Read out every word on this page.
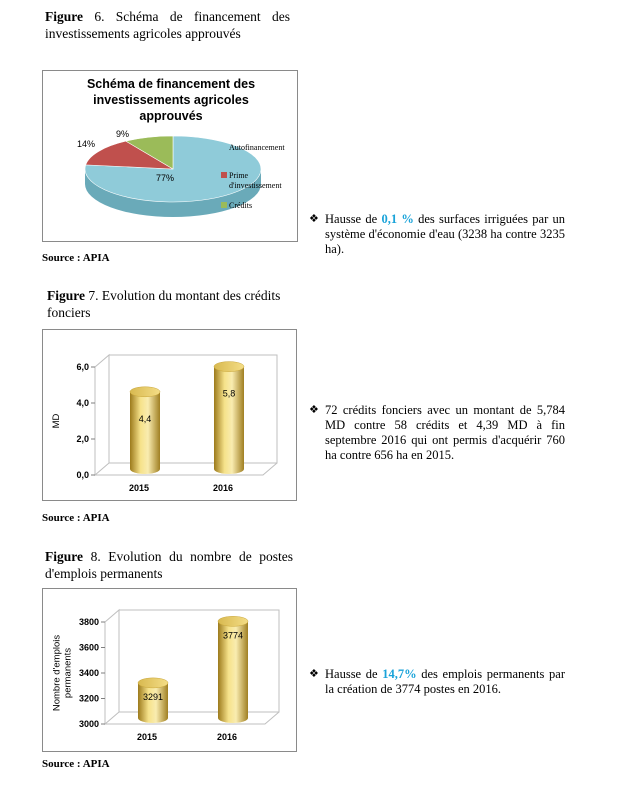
Figure 6. Schéma de financement des investissements agricoles approuvés
Schéma de financement des
investissements agricoles
approuvés
77%
14%
9%
Autofinancement
Prime
d'investissement
Crédits
Source : APIA
❖ Hausse de 0,1 % des surfaces irriguées par un système d'économie d'eau (3238 ha contre 3235 ha).
Figure 7. Evolution du montant des crédits fonciers
0,0
2,0
4,0
6,0
MD	4,4
2015
5,8
2016
Source : APIA
❖ 72 crédits fonciers avec un montant de 5,784 MD contre 58 crédits et 4,39 MD à fin septembre 2016 qui ont permis d'acquérir 760 ha contre 656 ha en 2015.
Figure 8. Evolution du nombre de postes d'emplois permanents
3000
3200
3400
3600
3800
Nombre d'emplois permanents	3291
2015
3774
2016
Source : APIA
❖ Hausse de 14,7% des emplois permanents par la création de 3774 postes en 2016.
